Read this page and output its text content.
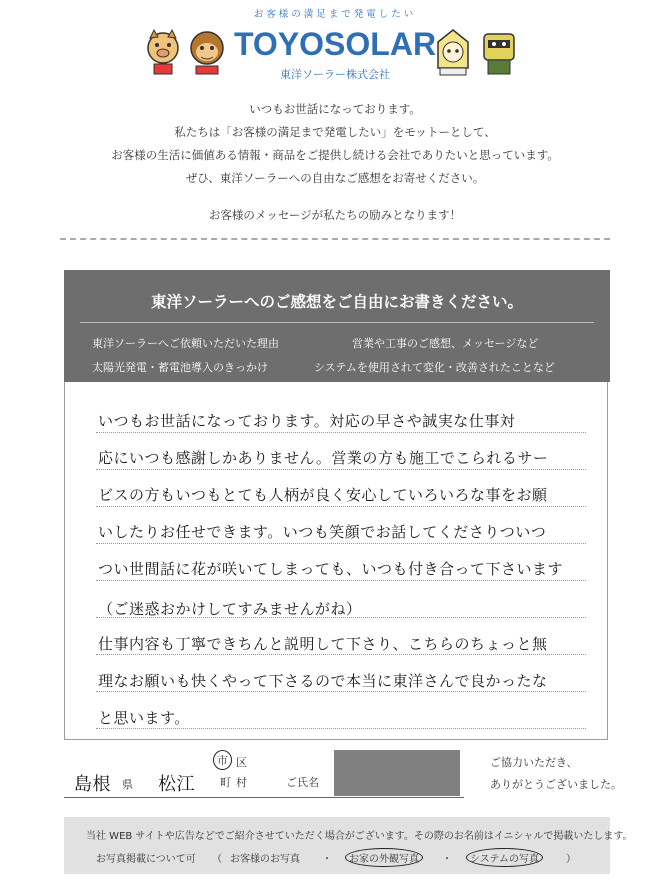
お客様の満足まで発電したい
TOYOSOLAR
東洋ソーラー株式会社
いつもお世話になっております。
私たちは「お客様の満足まで発電したい」をモットーとして、
お客様の生活に価値ある情報・商品をご提供し続ける会社でありたいと思っています。
ぜひ、東洋ソーラーへの自由なご感想をお寄せください。
お客様のメッセージが私たちの励みとなります！
東洋ソーラーへのご感想をご自由にお書きください。
東洋ソーラーへご依頼いただいた理由	営業や工事のご感想、メッセージなど
太陽光発電・蓄電池導入のきっかけ	システムを使用されて変化・改善されたことなど
いつもお世話になっております。対応の早さや誠実な仕事対
応にいつも感謝しかありません。営業の方も施工でこられるサー
ビスの方もいつもとても人柄が良く安心していろいろな事をお願
いしたりお任せできます。いつも笑顔でお話してくださりついつ
つい世間話に花が咲いてしまっても、いつも付き合って下さいます
（ご迷惑おかけしてすみませんがね）
仕事内容も丁寧できちんと説明して下さり、こちらのちょっと無
理なお願いも快くやって下さるので本当に東洋さんで良かったな
と思います。
島根 県 松江
市 区
町 村	ご氏名
ご協力いただき、
ありがとうございました。
当社 WEB サイトや広告などでご紹介させていただく場合がございます。その際のお名前はイニシャルで掲載いたします。
お写真掲載について可 （ お客様のお写真 ・	お家の外観写真	・	システムの写真	）
